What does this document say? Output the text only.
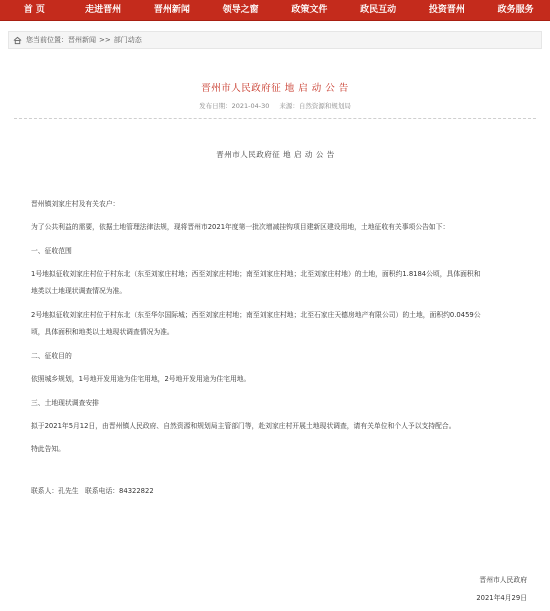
首 页	走进晋州	晋州新闻	领导之窗	政策文件	政民互动	投资晋州	政务服务
您当前位置： 晋州新闻 >> 部门动态
晋州市人民政府征 地 启 动 公 告
发布日期：2021-04-30 来源：自然资源和规划局
晋州市人民政府征 地 启 动 公 告

晋州镇刘家庄村及有关农户：

为了公共利益的需要，依据土地管理法律法规，现将晋州市2021年度第一批次增减挂钩项目建新区建设用地，土地征收有关事项公告如下：

一、征收范围

1号地拟征收刘家庄村位于村东北（东至刘家庄村地；西至刘家庄村地；南至刘家庄村地；北至刘家庄村地）的土地，面积约1.8184公顷，具体面积和

地类以土地现状调查情况为准。

2号地拟征收刘家庄村位于村东北（东至华尔国际城；西至刘家庄村地；南至刘家庄村地；北至石家庄天德房地产有限公司）的土地，面积约0.0459公

顷，具体面积和地类以土地现状调查情况为准。

二、征收目的

依照城乡规划，1号地开发用途为住宅用地，2号地开发用途为住宅用地。

三、土地现状调查安排

拟于2021年5月12日，由晋州镇人民政府、自然资源和规划局主管部门等，赴刘家庄村开展土地现状调查，请有关单位和个人予以支持配合。

特此告知。

联系人：孔先生   联系电话：84322822

晋州市人民政府
2021年4月29日
